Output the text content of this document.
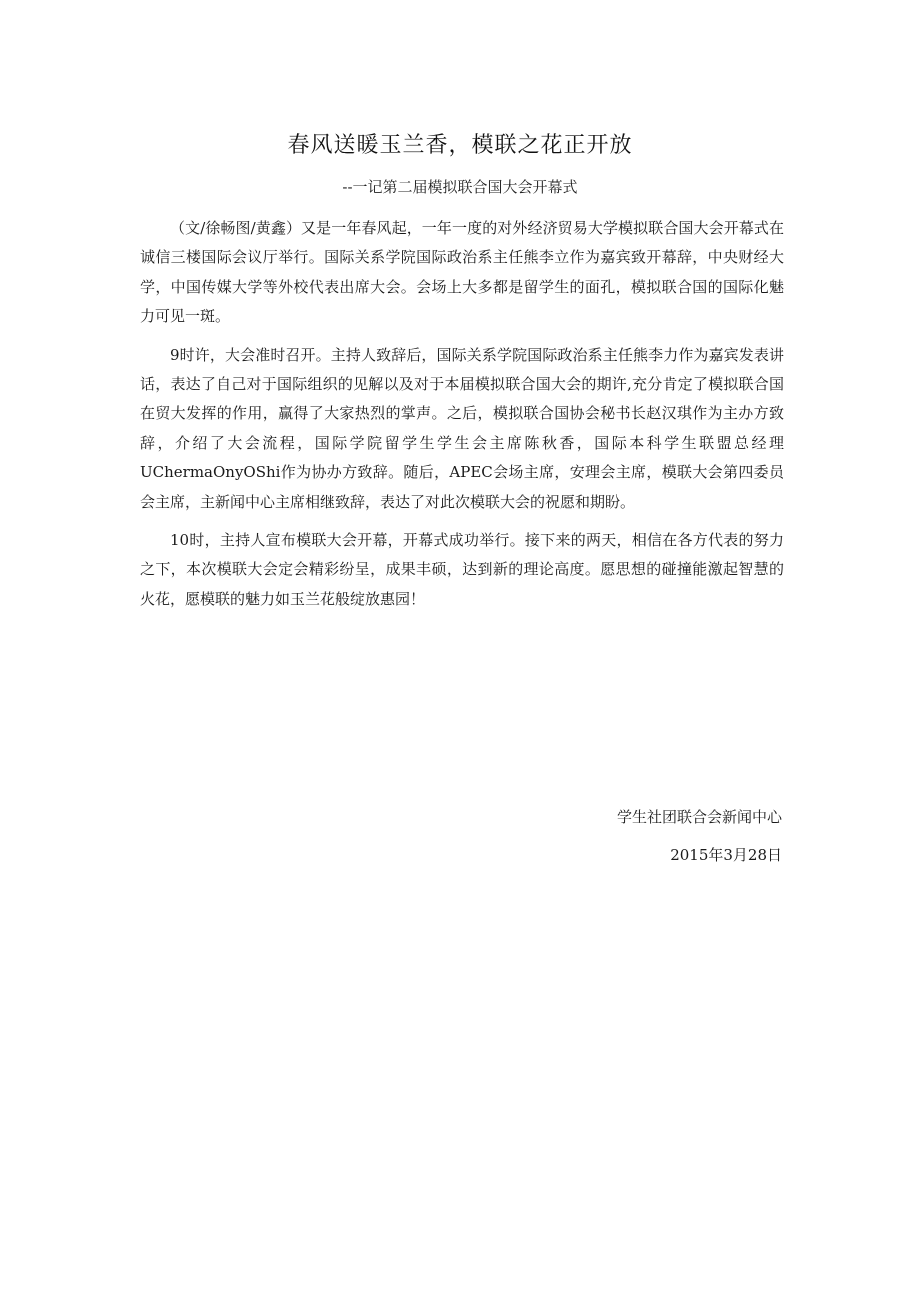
春风送暖玉兰香，模联之花正开放
--一记第二届模拟联合国大会开幕式

（文/徐畅图/黄鑫）又是一年春风起，一年一度的对外经济贸易大学模拟联合国大会开幕式在诚信三楼国际会议厅举行。国际关系学院国际政治系主任熊李立作为嘉宾致开幕辞，中央财经大学，中国传媒大学等外校代表出席大会。会场上大多都是留学生的面孔，模拟联合国的国际化魅力可见一斑。

9时许，大会准时召开。主持人致辞后，国际关系学院国际政治系主任熊李力作为嘉宾发表讲话，表达了自己对于国际组织的见解以及对于本届模拟联合国大会的期许,充分肯定了模拟联合国在贸大发挥的作用，赢得了大家热烈的掌声。之后，模拟联合国协会秘书长赵汉琪作为主办方致辞，介绍了大会流程，国际学院留学生学生会主席陈秋香，国际本科学生联盟总经理UChermaOnyOShi作为协办方致辞。随后，APEC会场主席，安理会主席，模联大会第四委员会主席，主新闻中心主席相继致辞，表达了对此次模联大会的祝愿和期盼。

10时，主持人宣布模联大会开幕，开幕式成功举行。接下来的两天，相信在各方代表的努力之下，本次模联大会定会精彩纷呈，成果丰硕，达到新的理论高度。愿思想的碰撞能激起智慧的火花，愿模联的魅力如玉兰花般绽放惠园！

学生社团联合会新闻中心
2015年3月28日
